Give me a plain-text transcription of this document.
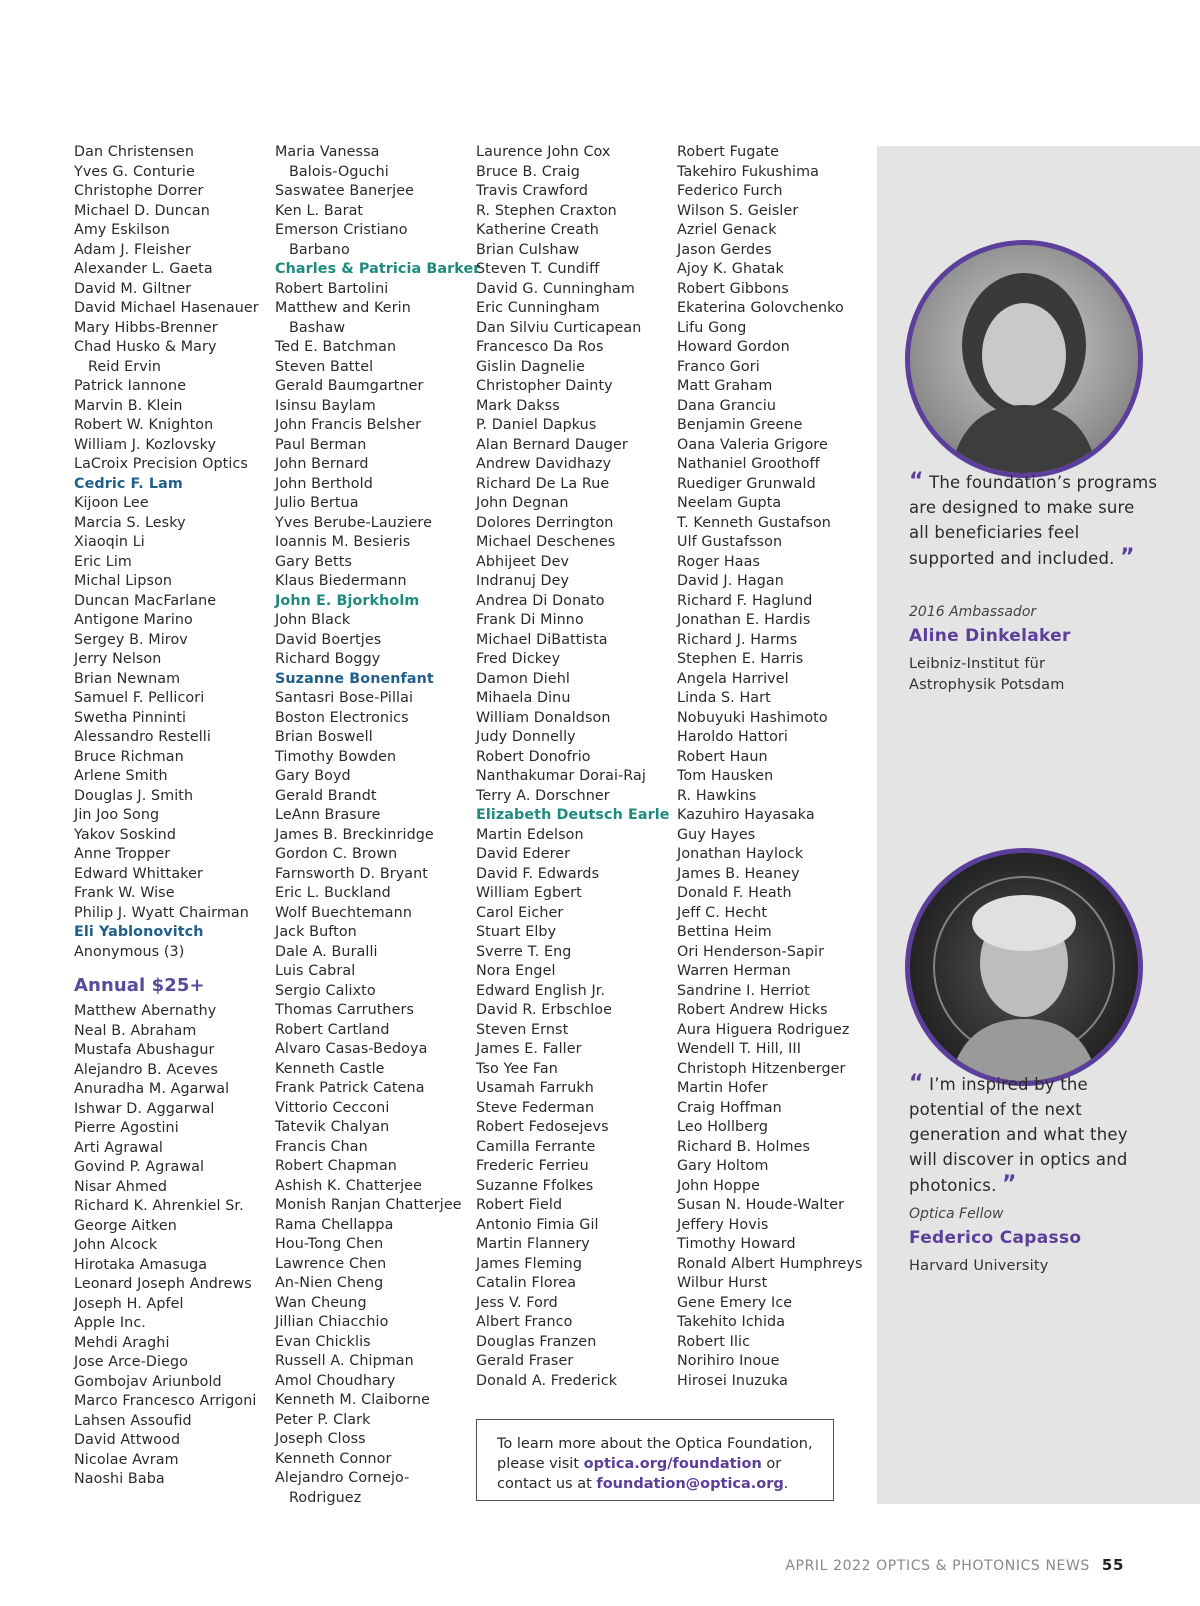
Dan Christensen
Yves G. Conturie
Christophe Dorrer
Michael D. Duncan
Amy Eskilson
Adam J. Fleisher
Alexander L. Gaeta
David M. Giltner
David Michael Hasenauer
Mary Hibbs-Brenner
Chad Husko & Mary
Reid Ervin
Patrick Iannone
Marvin B. Klein
Robert W. Knighton
William J. Kozlovsky
LaCroix Precision Optics
Cedric F. Lam
Kijoon Lee
Marcia S. Lesky
Xiaoqin Li
Eric Lim
Michal Lipson
Duncan MacFarlane
Antigone Marino
Sergey B. Mirov
Jerry Nelson
Brian Newnam
Samuel F. Pellicori
Swetha Pinninti
Alessandro Restelli
Bruce Richman
Arlene Smith
Douglas J. Smith
Jin Joo Song
Yakov Soskind
Anne Tropper
Edward Whittaker
Frank W. Wise
Philip J. Wyatt Chairman
Eli Yablonovitch
Anonymous (3)
Annual $25+
Matthew Abernathy
Neal B. Abraham
Mustafa Abushagur
Alejandro B. Aceves
Anuradha M. Agarwal
Ishwar D. Aggarwal
Pierre Agostini
Arti Agrawal
Govind P. Agrawal
Nisar Ahmed
Richard K. Ahrenkiel Sr.
George Aitken
John Alcock
Hirotaka Amasuga
Leonard Joseph Andrews
Joseph H. Apfel
Apple Inc.
Mehdi Araghi
Jose Arce-Diego
Gombojav Ariunbold
Marco Francesco Arrigoni
Lahsen Assoufid
David Attwood
Nicolae Avram
Naoshi Baba
Maria Vanessa
Balois-Oguchi
Saswatee Banerjee
Ken L. Barat
Emerson Cristiano
Barbano
Charles & Patricia Barker
Robert Bartolini
Matthew and Kerin
Bashaw
Ted E. Batchman
Steven Battel
Gerald Baumgartner
Isinsu Baylam
John Francis Belsher
Paul Berman
John Bernard
John Berthold
Julio Bertua
Yves Berube-Lauziere
Ioannis M. Besieris
Gary Betts
Klaus Biedermann
John E. Bjorkholm
John Black
David Boertjes
Richard Boggy
Suzanne Bonenfant
Santasri Bose-Pillai
Boston Electronics
Brian Boswell
Timothy Bowden
Gary Boyd
Gerald Brandt
LeAnn Brasure
James B. Breckinridge
Gordon C. Brown
Farnsworth D. Bryant
Eric L. Buckland
Wolf Buechtemann
Jack Bufton
Dale A. Buralli
Luis Cabral
Sergio Calixto
Thomas Carruthers
Robert Cartland
Alvaro Casas-Bedoya
Kenneth Castle
Frank Patrick Catena
Vittorio Cecconi
Tatevik Chalyan
Francis Chan
Robert Chapman
Ashish K. Chatterjee
Monish Ranjan Chatterjee
Rama Chellappa
Hou-Tong Chen
Lawrence Chen
An-Nien Cheng
Wan Cheung
Jillian Chiacchio
Evan Chicklis
Russell A. Chipman
Amol Choudhary
Kenneth M. Claiborne
Peter P. Clark
Joseph Closs
Kenneth Connor
Alejandro Cornejo-
Rodriguez
Laurence John Cox
Bruce B. Craig
Travis Crawford
R. Stephen Craxton
Katherine Creath
Brian Culshaw
Steven T. Cundiff
David G. Cunningham
Eric Cunningham
Dan Silviu Curticapean
Francesco Da Ros
Gislin Dagnelie
Christopher Dainty
Mark Dakss
P. Daniel Dapkus
Alan Bernard Dauger
Andrew Davidhazy
Richard De La Rue
John Degnan
Dolores Derrington
Michael Deschenes
Abhijeet Dev
Indranuj Dey
Andrea Di Donato
Frank Di Minno
Michael DiBattista
Fred Dickey
Damon Diehl
Mihaela Dinu
William Donaldson
Judy Donnelly
Robert Donofrio
Nanthakumar Dorai-Raj
Terry A. Dorschner
Elizabeth Deutsch Earle
Martin Edelson
David Ederer
David F. Edwards
William Egbert
Carol Eicher
Stuart Elby
Sverre T. Eng
Nora Engel
Edward English Jr.
David R. Erbschloe
Steven Ernst
James E. Faller
Tso Yee Fan
Usamah Farrukh
Steve Federman
Robert Fedosejevs
Camilla Ferrante
Frederic Ferrieu
Suzanne Ffolkes
Robert Field
Antonio Fimia Gil
Martin Flannery
James Fleming
Catalin Florea
Jess V. Ford
Albert Franco
Douglas Franzen
Gerald Fraser
Donald A. Frederick
Robert Fugate
Takehiro Fukushima
Federico Furch
Wilson S. Geisler
Azriel Genack
Jason Gerdes
Ajoy K. Ghatak
Robert Gibbons
Ekaterina Golovchenko
Lifu Gong
Howard Gordon
Franco Gori
Matt Graham
Dana Granciu
Benjamin Greene
Oana Valeria Grigore
Nathaniel Groothoff
Ruediger Grunwald
Neelam Gupta
T. Kenneth Gustafson
Ulf Gustafsson
Roger Haas
David J. Hagan
Richard F. Haglund
Jonathan E. Hardis
Richard J. Harms
Stephen E. Harris
Angela Harrivel
Linda S. Hart
Nobuyuki Hashimoto
Haroldo Hattori
Robert Haun
Tom Hausken
R. Hawkins
Kazuhiro Hayasaka
Guy Hayes
Jonathan Haylock
James B. Heaney
Donald F. Heath
Jeff C. Hecht
Bettina Heim
Ori Henderson-Sapir
Warren Herman
Sandrine I. Herriot
Robert Andrew Hicks
Aura Higuera Rodriguez
Wendell T. Hill, III
Christoph Hitzenberger
Martin Hofer
Craig Hoffman
Leo Hollberg
Richard B. Holmes
Gary Holtom
John Hoppe
Susan N. Houde-Walter
Jeffery Hovis
Timothy Howard
Ronald Albert Humphreys
Wilbur Hurst
Gene Emery Ice
Takehito Ichida
Robert Ilic
Norihiro Inoue
Hirosei Inuzuka
“ The foundation’s programs are designed to make sure all beneficiaries feel supported and included. ”
2016 Ambassador
Aline Dinkelaker
Leibniz-Institut für
Astrophysik Potsdam
“ I’m inspired by the potential of the next generation and what they will discover in optics and photonics. ”
Optica Fellow
Federico Capasso
Harvard University
To learn more about the Optica Foundation,
please visit optica.org/foundation or
contact us at foundation@optica.org.
APRIL 2022 OPTICS & PHOTONICS NEWS 55
